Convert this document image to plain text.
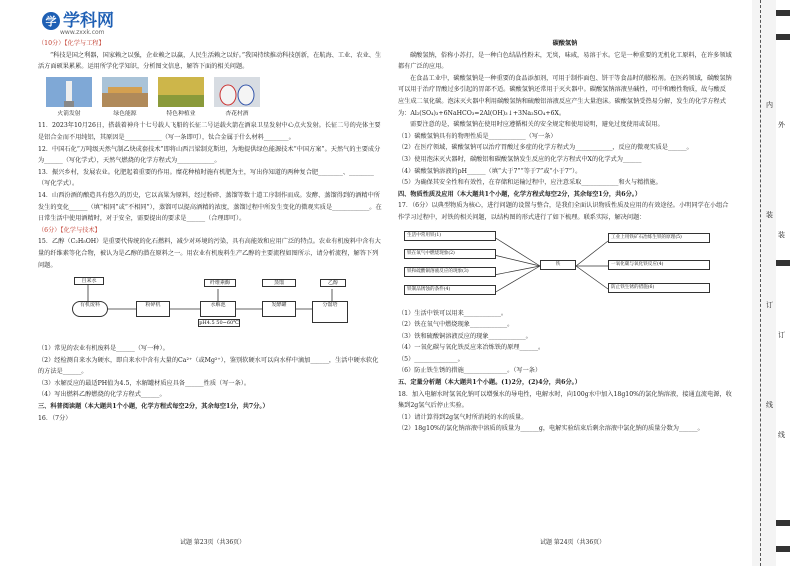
学 学科网
www.zxxk.com

（10分）【化学与工程】

“科技是国之利器，国家赖之以强，企业赖之以赢，人民生活赖之以好。”我国持续推动科技创新，在航海、工业、农业、生活方面硕果累累。运用所学化学知识，分析图文信息，解答下面的相关问题。

火箭发射	绿色能源	特色种植业	杏花村酒

11．2023年10月26日，搭载着神舟十七号载人飞船的长征二号运载火箭在酒泉卫星发射中心点火发射。长征二号的壳体主要是铝合金而不用纯铝，其原因是____________（写一条即可），钛合金属于什么材料________。

12．中国石化“万吨级天然气制乙炔成套技术”即将山西吕梁制克斯坦，为地提供绿色能源技术“中国方案”。天然气的主要成分为______（写化学式），天然气燃烧的化学方程式为____________。

13．振兴乡村，发展农业。化肥起着重要的作用。糜花种植时施有机肥为主，写出你知道的两种复合肥________、________（写化学式）。

14．山西汾酒的酿造具有悠久的历史，它以高粱为原料，经过粉碎、蒸馏等数十道工序制作而成。发酵、蒸馏得到的酒精中所发生的变化______（填“相同”或“不相同”），蒸馏可以提高酒精的浓度，蒸馏过程中所发生变化的微观实质是____________。在日常生活中使用酒精时，对于安全，需要提出的要求是______（合理即可）。

（6分）【化学与技术】

15．乙醇（C₂H₅OH）是重要代传统的化石燃料，减少对环境的污染，具有高能效和应用广泛的特点。农业有机废料中含有大量的纤维素等化合物，被认为是乙醇的潜在原料之一。用农业有机废料生产乙醇的主要流程如图所示，请分析流程，解答下列问题。

自来水
有机废料	粉碎机	水解池
纤维素酶
pH4.5 50~60℃
发酵罐
蒸馏	乙醇
分馏塔

（1）常见的农业有机废料是______（写一种）。

（2）经检测自来水为硬水，即自来水中含有大量的Ca²⁺（或Mg²⁺），鉴别软硬水可以向水样中滴加______，生活中硬水软化的方法是______。

（3）水解反应的最适PH值为4.5，水解罐材质应具备______性质（写一条）。

（4）写出燃料乙醇燃烧的化学方程式______。

三、科普阅读题（本大题共1个小题，化学方程式每空2分，其余每空1分，共7分。）

16．（7分）

试题 第23页（共36页）

碳酸氢钠

碳酸氢钠，俗称小苏打，是一种白色结晶性粉末，无臭，味咸，易溶于水。它是一种重要的无机化工原料，在许多领域都有广泛的应用。

在食品工业中，碳酸氢钠是一种重要的食品添加剂，可用于制作面包、饼干等食品时的膨松剂。在医药领域，碳酸氢钠可以用于治疗胃酸过多引起的胃部不适。碳酸氢钠还常用于灭火器中。碳酸氢钠溶液呈碱性，可中和酸性物质，故与酸反应生成二氧化碳。泡沫灭火器中利用碳酸氢钠和硫酸铝溶液反应产生大量泡沫。碳酸氢钠受热易分解，发生的化学方程式为：Al₂(SO₄)₃+6NaHCO₃=2Al(OH)₃↓+3Na₂SO₄+6X。

需要注意的是，碳酸氢钠在使用时应遵循相关的安全规定和使用说明，避免过度使用或误用。

（1）碳酸氢钠具有的物理性质是____________（写一条）

（2）在医疗领域，碳酸氢钠可以治疗胃酸过多症的化学方程式为____________，反应的微观实质是______。

（3）使用泡沫灭火器时，碳酸铝和碳酸氢钠发生反应的化学方程式中X的化学式为______

（4）碳酸氢钠溶液的pH______（填“大于7”“等于7”或“小于7”）。

（5）为确保其安全性和有效性，在存储和运输过程中，应注意采取____________和火与精措施。

四、物质性质及应用（本大题共1个小题，化学方程式每空2分，其余每空1分，共6分。）

17．（6分）以典型物质为核心，进行问题的设置与整合，是我们全面认识物质性质及应用的有效途径。小明同学在小组合作学习过程中，对铁的相关问题，以结构图的形式进行了如下梳理。联系实际，解决问题：

生活中常用铁(1)
铁在氧气中燃烧现象(2)
铁和硫酸铜溶液反应的现象(3)
铁制品锈蚀的条件(4)
铁
工业上用铁矿石冶炼生铁的原理(5)
一氧化碳与氧化铁反应(4)
防止铁生锈的措施(6)

（1）生活中铁可以用来____________。

（2）铁在氧气中燃烧现象____________。

（3）铁和硫酸铜溶液反应的现象____________。

（4）一氧化碳与氧化铁反应来冶炼铁的原理______。

（5）______________。

（6）防止铁生锈的措施______________。（写一条）

五、定量分析题（本大题共1个小题。(1)2分，(2)4分，共6分。）

18．加入电解水时氢氧化钠可以增强水的导电性，电解水时，向100g水中加入18g10%的氯化钠溶液，接通直流电源，收集到2g氢气后停止实验。

（1）请计算得到2g氢气时所消耗的水的质量。

（2）18g10%的氯化钠溶液中溶质的质量为______g，电解实验结束后剩余溶液中氯化钠的质量分数为______。

试题 第24页（共36页）
内
装
订
线
外
装
订
线
